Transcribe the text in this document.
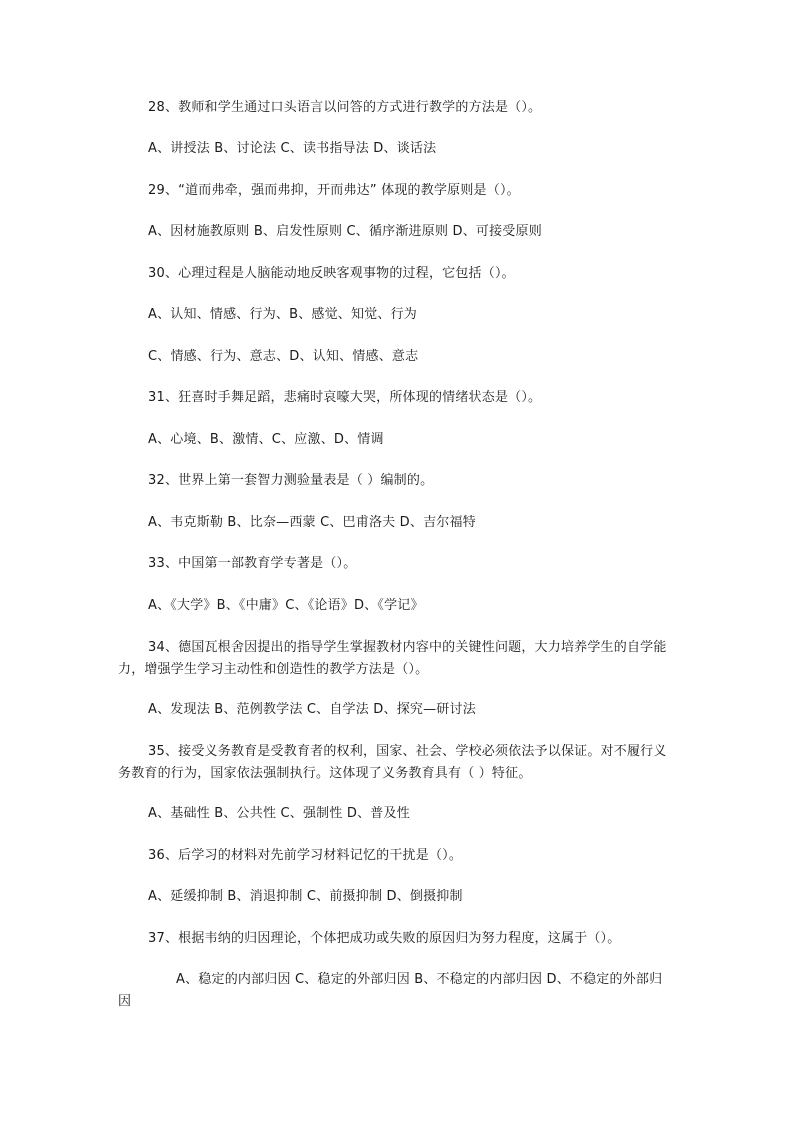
28、教师和学生通过口头语言以问答的方式进行教学的方法是（）。
A、讲授法 B、讨论法 C、读书指导法 D、谈话法
29、“道而弗牵，强而弗抑，开而弗达” 体现的教学原则是（）。
A、因材施教原则 B、启发性原则 C、循序渐进原则 D、可接受原则
30、心理过程是人脑能动地反映客观事物的过程，它包括（）。
A、认知、情感、行为、B、感觉、知觉、行为
C、情感、行为、意志、D、认知、情感、意志
31、狂喜时手舞足蹈，悲痛时哀嚎大哭，所体现的情绪状态是（）。
A、心境、B、激情、C、应激、D、情调
32、世界上第一套智力测验量表是（ ）编制的。
A、韦克斯勒 B、比奈—西蒙 C、巴甫洛夫 D、吉尔福特
33、中国第一部教育学专著是（）。
A、《大学》B、《中庸》C、《论语》D、《学记》
34、德国瓦根舍因提出的指导学生掌握教材内容中的关键性问题，大力培养学生的自学能力，增强学生学习主动性和创造性的教学方法是（）。
A、发现法 B、范例教学法 C、自学法 D、探究—研讨法
35、接受义务教育是受教育者的权利，国家、社会、学校必须依法予以保证。对不履行义务教育的行为，国家依法强制执行。这体现了义务教育具有（ ）特征。
A、基础性 B、公共性 C、强制性 D、普及性
36、后学习的材料对先前学习材料记忆的干扰是（）。
A、延缓抑制 B、消退抑制 C、前摄抑制 D、倒摄抑制
37、根据韦纳的归因理论，个体把成功或失败的原因归为努力程度，这属于（）。
A、稳定的内部归因 C、稳定的外部归因 B、不稳定的内部归因 D、不稳定的外部归因
